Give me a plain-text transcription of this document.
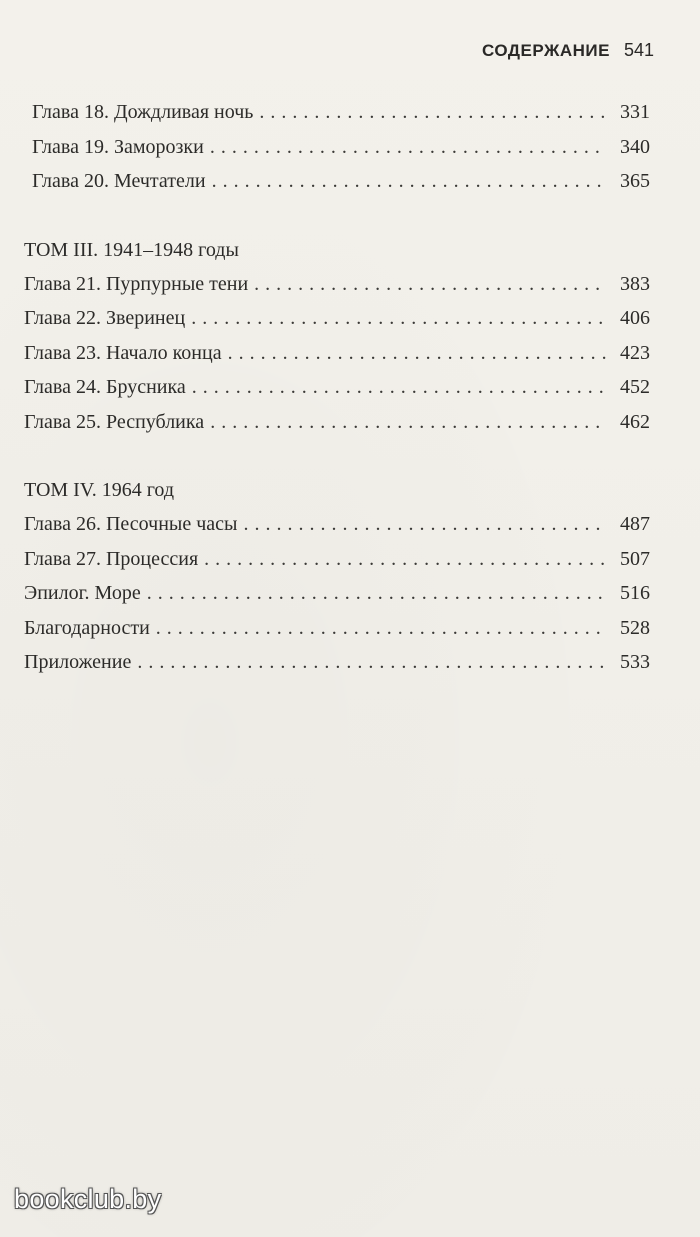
СОДЕРЖАНИЕ 541
Глава 18. Дождливая ночь . . .	331
Глава 19. Заморозки . . .	340
Глава 20. Мечтатели . . .	365
ТОМ III. 1941–1948 годы
Глава 21. Пурпурные тени . . .	383
Глава 22. Зверинец . . .	406
Глава 23. Начало конца . . .	423
Глава 24. Брусника . . .	452
Глава 25. Республика . . .	462
ТОМ IV. 1964 год
Глава 26. Песочные часы . . .	487
Глава 27. Процессия . . .	507
Эпилог. Море . . .	516
Благодарности . . .	528
Приложение . . .	533
bookclub.by
